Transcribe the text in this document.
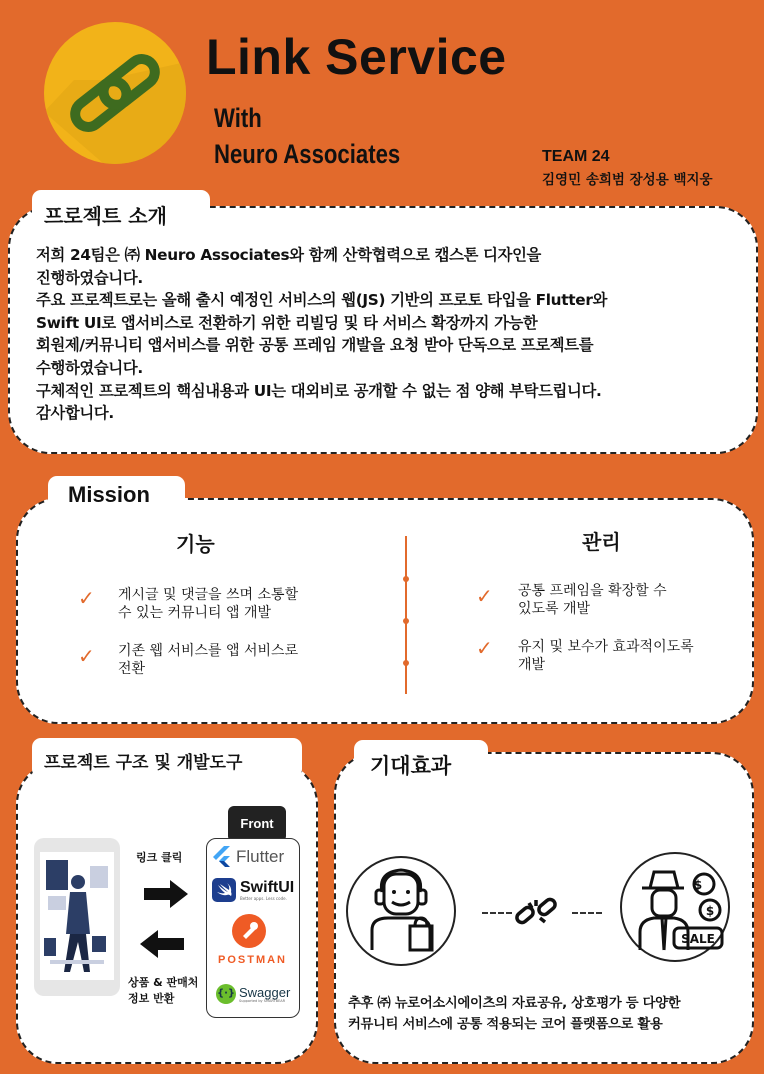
Link Service
With
Neuro Associates	TEAM 24
김영민 송희범 장성용 백지웅
프로젝트 소개
저희 24팀은 ㈜ Neuro Associates와 함께 산학협력으로 캡스톤 디자인을
진행하였습니다.
주요 프로젝트로는 올해 출시 예정인 서비스의 웹(JS) 기반의 프로토 타입을 Flutter와
Swift UI로 앱서비스로 전환하기 위한 리빌딩 및 타 서비스 확장까지 가능한
회원제/커뮤니티 앱서비스를 위한 공통 프레임 개발을 요청 받아 단독으로 프로젝트를
수행하였습니다.
구체적인 프로젝트의 핵심내용과 UI는 대외비로 공개할 수 없는 점 양해 부탁드립니다.
감사합니다.
Mission
기능	관리
✓ 게시글 및 댓글을 쓰며 소통할
수 있는 커뮤니티 앱 개발
✓ 기존 웹 서비스를 앱 서비스로
전환
✓ 공통 프레임을 확장할 수
있도록 개발
✓ 유지 및 보수가 효과적이도록
개발
프로젝트 구조 및 개발도구
링크 클릭
상품 & 판매처
정보 반환
Front
Flutter
SwiftUI
Better apps. Less code.
POSTMAN
{·} Swagger
Supported by SMARTBEAR
기대효과
$
$
SALE
추후 ㈜ 뉴로어소시에이츠의 자료공유, 상호평가 등 다양한
커뮤니티 서비스에 공통 적용되는 코어 플랫폼으로 활용
